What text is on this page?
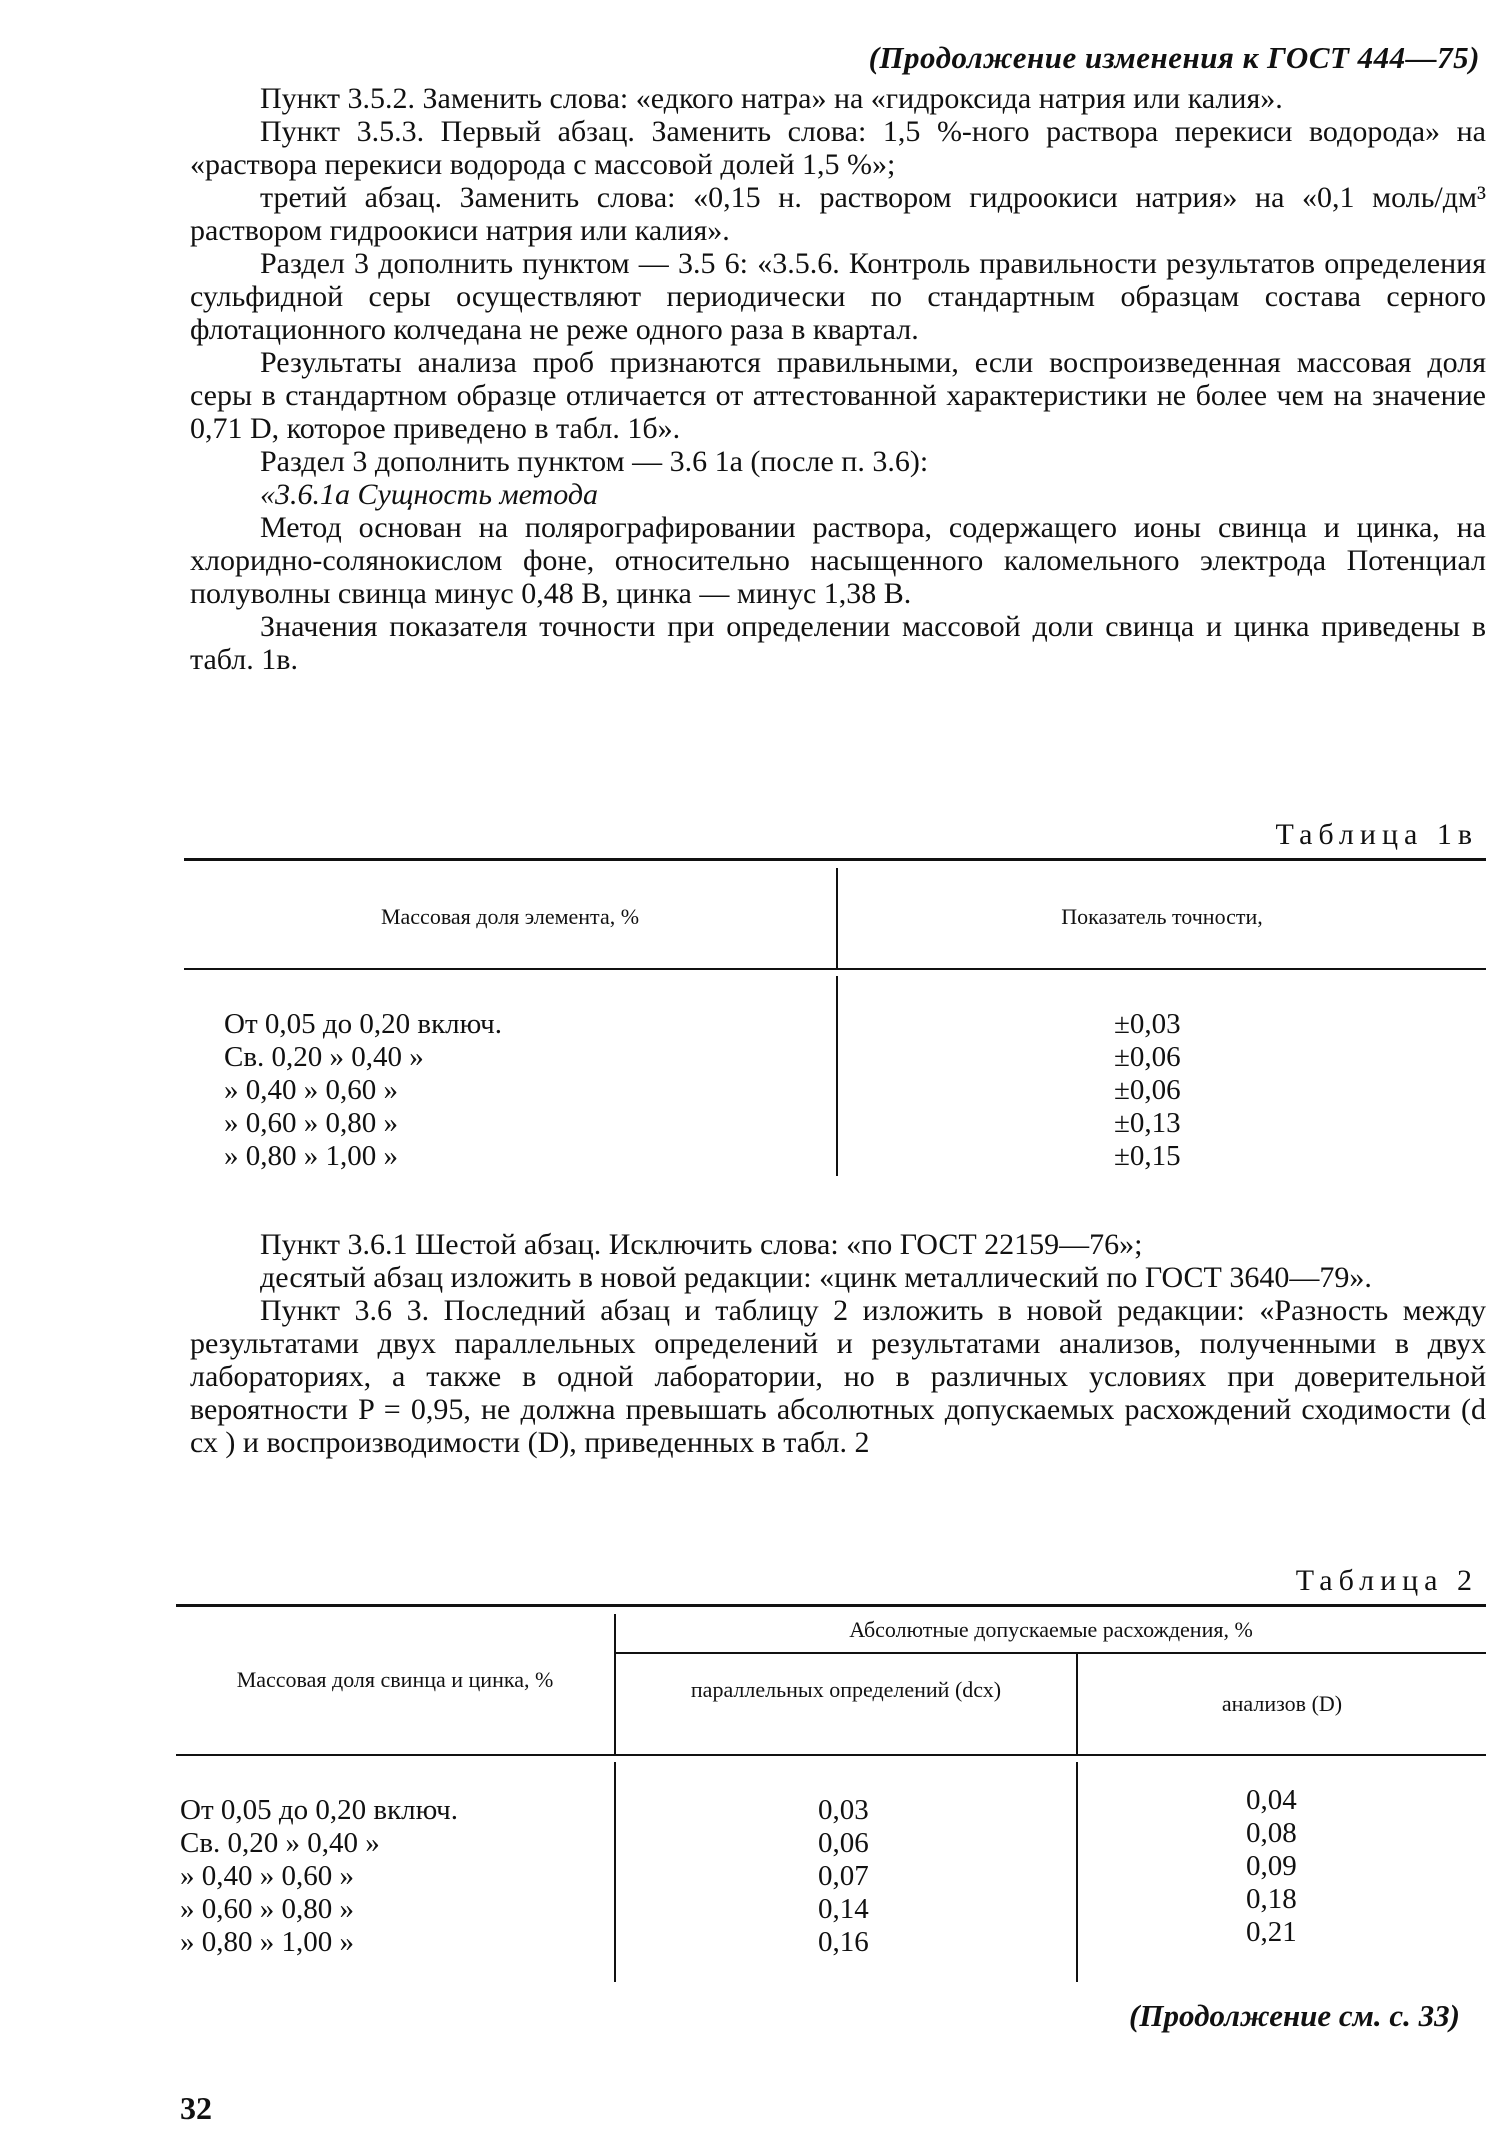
(Продолжение изменения к ГОСТ 444—75)

Пункт 3.5.2. Заменить слова: «едкого натра» на «гидроксида натрия или калия».

Пункт 3.5.3. Первый абзац. Заменить слова: 1,5 %-ного раствора перекиси водорода» на «раствора перекиси водорода с массовой долей 1,5 %»;

третий абзац. Заменить слова: «0,15 н. раствором гидроокиси натрия» на «0,1 моль/дм³ раствором гидроокиси натрия или калия».

Раздел 3 дополнить пунктом — 3.5 6: «3.5.6. Контроль правильности результатов определения сульфидной серы осуществляют периодически по стандартным образцам состава серного флотационного колчедана не реже одного раза в квартал.

Результаты анализа проб признаются правильными, если воспроизведенная массовая доля серы в стандартном образце отличается от аттестованной характеристики не более чем на значение 0,71 D, которое приведено в табл. 1б».

Раздел 3 дополнить пунктом — 3.6 1а (после п. 3.6):

«3.6.1а Сущность метода

Метод основан на полярографировании раствора, содержащего ионы свинца и цинка, на хлоридно-солянокислом фоне, относительно насыщенного каломельного электрода Потенциал полуволны свинца минус 0,48 В, цинка — минус 1,38 В.

Значения показателя точности при определении массовой доли свинца и цинка приведены в табл. 1в.

Таблица 1в
Массовая доля элемента, %	Показатель точности,
От 0,05 до 0,20 включ.
Св. 0,20 » 0,40 »
» 0,40 » 0,60 »
» 0,60 » 0,80 »
» 0,80 » 1,00 »
±0,03
±0,06
±0,06
±0,13
±0,15

Пункт 3.6.1 Шестой абзац. Исключить слова: «по ГОСТ 22159—76»;

десятый абзац изложить в новой редакции: «цинк металлический по ГОСТ 3640—79».

Пункт 3.6 3. Последний абзац и таблицу 2 изложить в новой редакции: «Разность между результатами двух параллельных определений и результатами анализов, полученными в двух лабораториях, а также в одной лаборатории, но в различных условиях при доверительной вероятности P = 0,95, не должна превышать абсолютных допускаемых расхождений сходимости (d сх ) и воспроизводимости (D), приведенных в табл. 2

Таблица 2
Массовая доля свинца и цинка, %
Абсолютные допускаемые расхождения, %
параллельных определений (dсх)
анализов (D)
От 0,05 до 0,20 включ.
Св. 0,20 » 0,40 »
» 0,40 » 0,60 »
» 0,60 » 0,80 »
» 0,80 » 1,00 »
0,03
0,06
0,07
0,14
0,16
0,04
0,08
0,09
0,18
0,21
(Продолжение см. с. 33)
32
